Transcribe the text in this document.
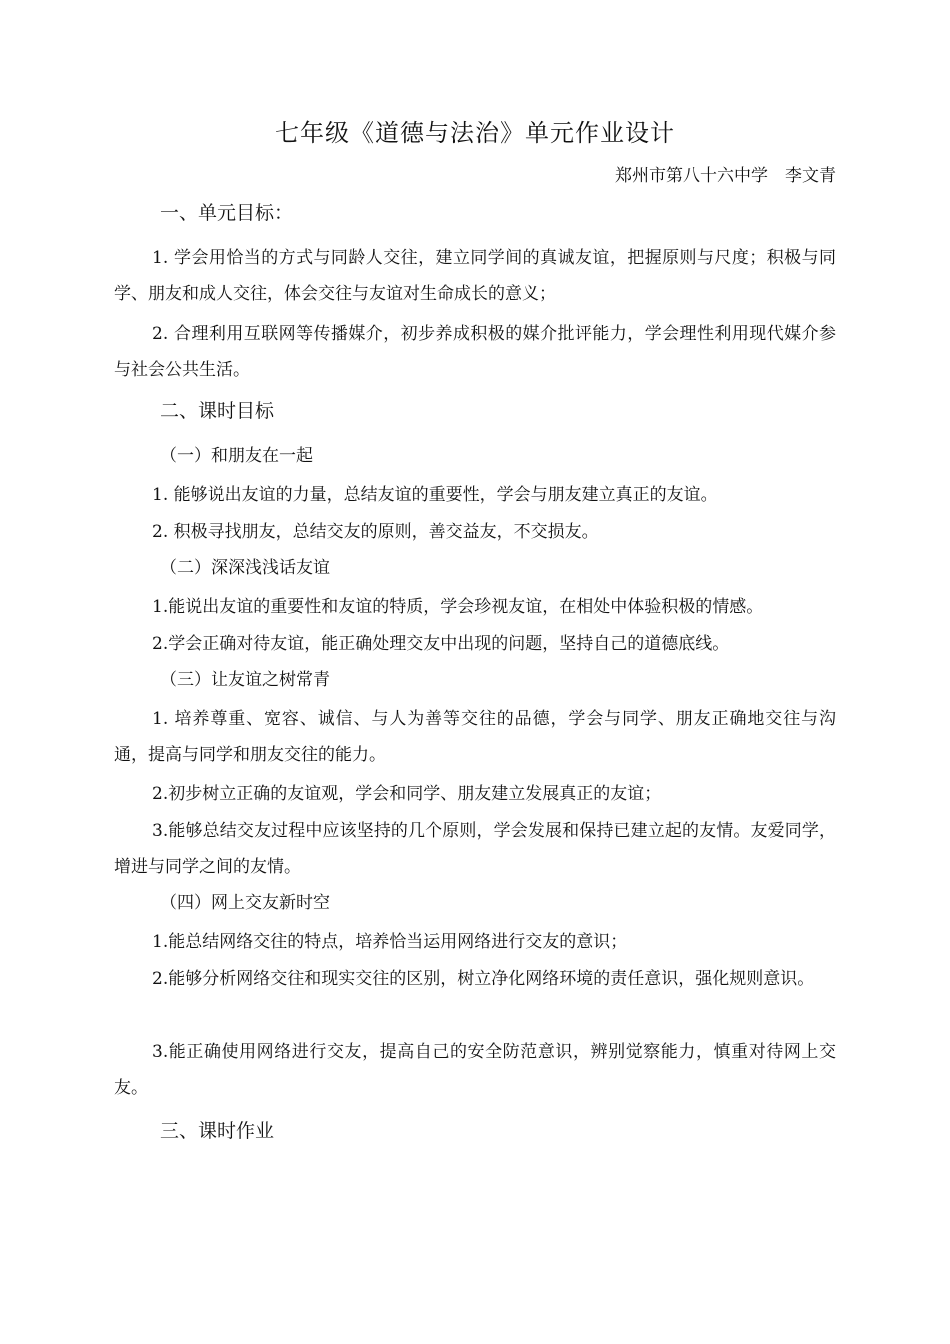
七年级《道德与法治》单元作业设计
郑州市第八十六中学　李文青
一、单元目标：

1. 学会用恰当的方式与同龄人交往，建立同学间的真诚友谊，把握原则与尺度；积极与同学、朋友和成人交往，体会交往与友谊对生命成长的意义；

2. 合理利用互联网等传播媒介，初步养成积极的媒介批评能力，学会理性利用现代媒介参与社会公共生活。

二、课时目标
（一）和朋友在一起

1. 能够说出友谊的力量，总结友谊的重要性，学会与朋友建立真正的友谊。

2. 积极寻找朋友，总结交友的原则，善交益友，不交损友。

（二）深深浅浅话友谊

1.能说出友谊的重要性和友谊的特质，学会珍视友谊，在相处中体验积极的情感。

2.学会正确对待友谊，能正确处理交友中出现的问题，坚持自己的道德底线。

（三）让友谊之树常青

1. 培养尊重、宽容、诚信、与人为善等交往的品德，学会与同学、朋友正确地交往与沟通，提高与同学和朋友交往的能力。

2.初步树立正确的友谊观，学会和同学、朋友建立发展真正的友谊；

3.能够总结交友过程中应该坚持的几个原则，学会发展和保持已建立起的友情。友爱同学，增进与同学之间的友情。

（四）网上交友新时空

1.能总结网络交往的特点，培养恰当运用网络进行交友的意识；

2.能够分析网络交往和现实交往的区别，树立净化网络环境的责任意识，强化规则意识。

3.能正确使用网络进行交友，提高自己的安全防范意识，辨别觉察能力，慎重对待网上交友。

三、课时作业
